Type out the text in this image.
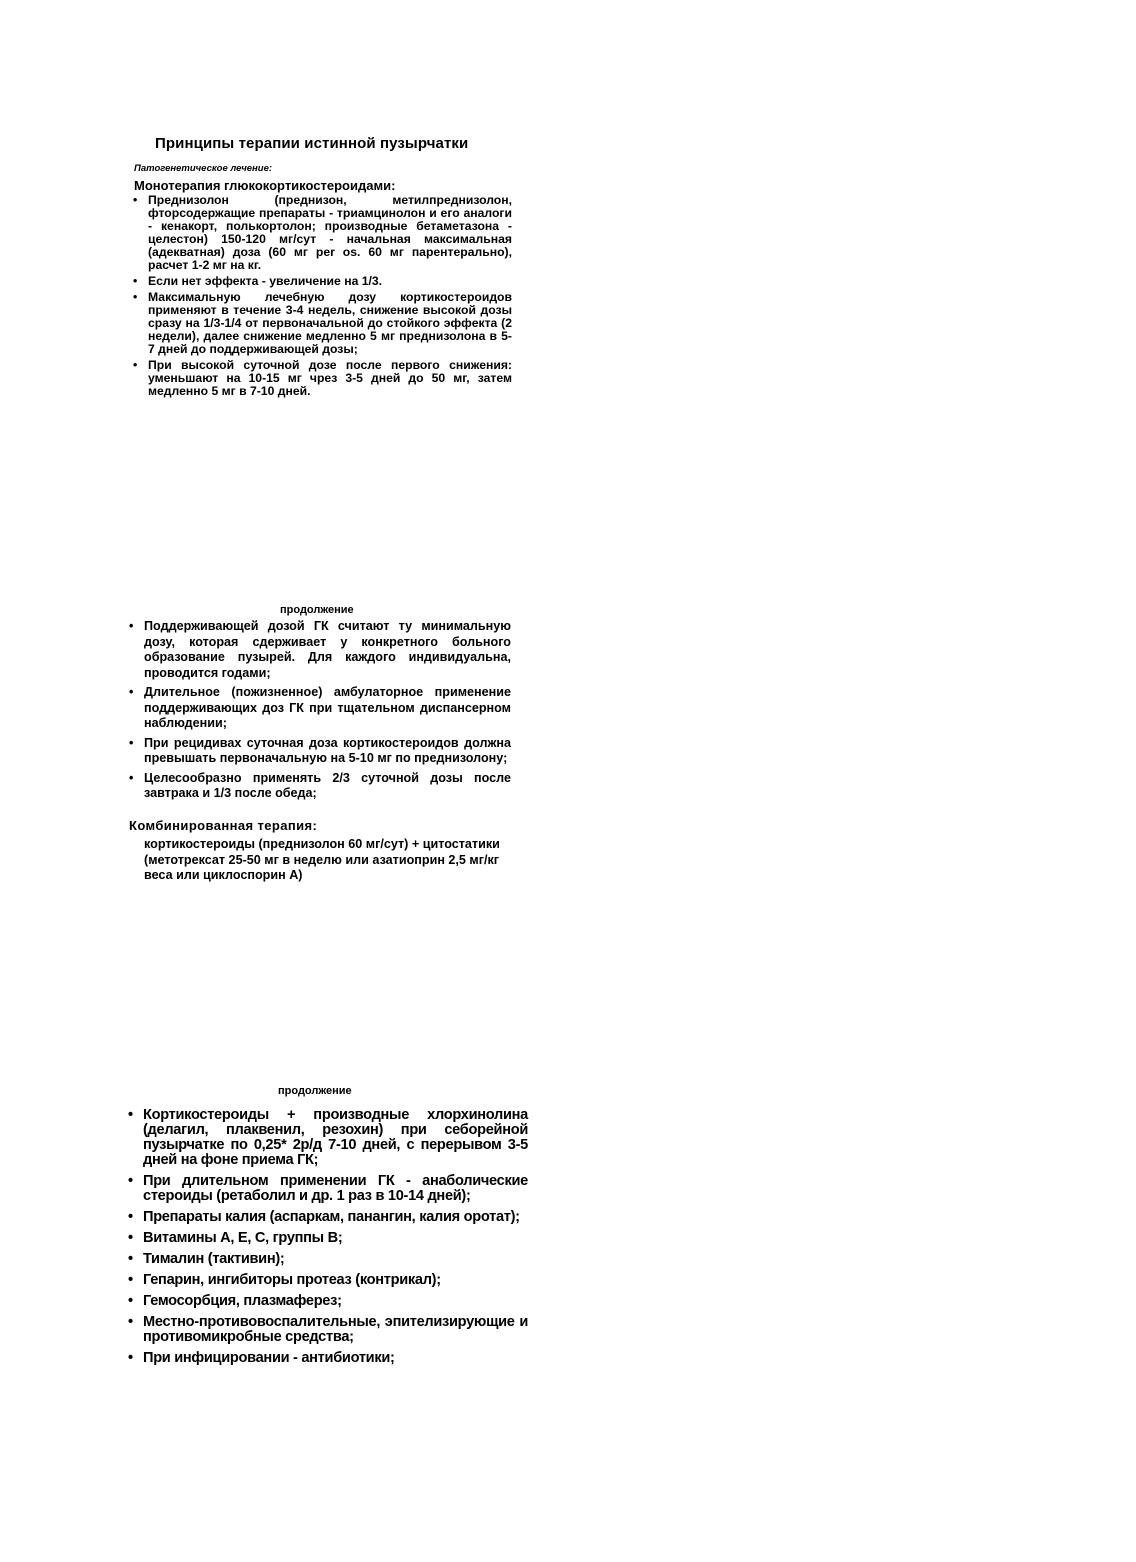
Принципы терапии истинной пузырчатки
Патогенетическое лечение:
Монотерапия глюкокортикостероидами:
• Преднизолон (преднизон, метилпреднизолон, фторсодержащие препараты - триамцинолон и его аналоги - кенакорт, полькортолон; производные бетаметазона - целестон) 150-120 мг/сут - начальная максимальная (адекватная) доза (60 мг per os. 60 мг парентерально), расчет 1-2 мг на кг.
• Если нет эффекта - увеличение на 1/3.
• Максимальную лечебную дозу кортикостероидов применяют в течение 3-4 недель, снижение высокой дозы сразу на 1/3-1/4 от первоначальной до стойкого эффекта (2 недели), далее снижение медленно 5 мг преднизолона в 5-7 дней до поддерживающей дозы;
• При высокой суточной дозе после первого снижения: уменьшают на 10-15 мг чрез 3-5 дней до 50 мг, затем медленно 5 мг в 7-10 дней.
продолжение
• Поддерживающей дозой ГК считают ту минимальную дозу, которая сдерживает у конкретного больного образование пузырей. Для каждого индивидуальна, проводится годами;
• Длительное (пожизненное) амбулаторное применение поддерживающих доз ГК при тщательном диспансерном наблюдении;
• При рецидивах суточная доза кортикостероидов должна превышать первоначальную на 5-10 мг по преднизолону;
• Целесообразно применять 2/3 суточной дозы после завтрака и 1/3 после обеда;
Комбинированная терапия:
кортикостероиды (преднизолон 60 мг/сут) + цитостатики (метотрексат 25-50 мг в неделю или азатиоприн 2,5 мг/кг веса или циклоспорин А)
продолжение
• Кортикостероиды + производные хлорхинолина (делагил, плаквенил, резохин) при себорейной пузырчатке по 0,25* 2р/д 7-10 дней, с перерывом 3-5 дней на фоне приема ГК;
• При длительном применении ГК - анаболические стероиды (ретаболил и др. 1 раз в 10-14 дней);
• Препараты калия (аспаркам, панангин, калия оротат);
• Витамины А, Е, С, группы В;
• Тималин (тактивин);
• Гепарин, ингибиторы протеаз (контрикал);
• Гемосорбция, плазмаферез;
• Местно-противовоспалительные, эпителизирующие и противомикробные средства;
• При инфицировании - антибиотики;
